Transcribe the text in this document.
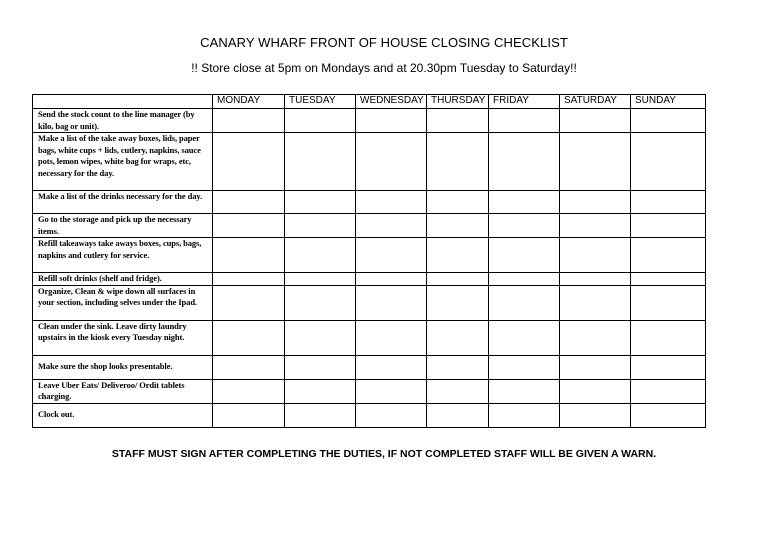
CANARY WHARF FRONT OF HOUSE CLOSING CHECKLIST
!! Store close at 5pm on Mondays and at 20.30pm Tuesday to Saturday!!
	MONDAY	TUESDAY	WEDNESDAY	THURSDAY	FRIDAY	SATURDAY	SUNDAY
Send the stock count to the line manager (by kilo, bag or unit).							
Make a list of the take away boxes, lids, paper bags, white cups + lids, cutlery, napkins, sauce pots, lemon wipes, white bag for wraps, etc, necessary for the day.							
Make a list of the drinks necessary for the day.							
Go to the storage and pick up the necessary items.							
Refill takeaways take aways boxes, cups, bags, napkins and cutlery for service.							
Refill soft drinks (shelf and fridge).							
Organize, Clean & wipe down all surfaces in your section, including selves under the Ipad.							
Clean under the sink. Leave dirty laundry upstairs in the kiosk every Tuesday night.							
Make sure the shop looks presentable.							
Leave Uber Eats/ Deliveroo/ Ordit tablets charging.							
Clock out.							
STAFF MUST SIGN AFTER COMPLETING THE DUTIES, IF NOT COMPLETED STAFF WILL BE GIVEN A WARN.
